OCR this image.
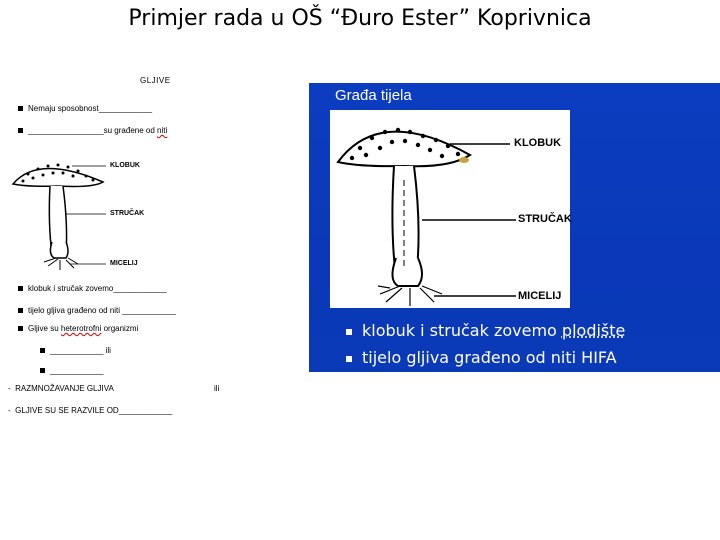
Primjer rada u OŠ “Đuro Ester” Koprivnica
GLJIVE
Nemaju sposobnost____________
_________________su građene od niti
KLOBUK
STRUČAK
MICELIJ
klobuk i stručak zovemo____________
tijelo gljiva građeno od niti ____________
Gljive su heterotrofni organizmi
____________ ili
____________
- RAZMNOŽAVANJE GLJIVA	ili
- GLJIVE SU SE RAZVILE OD____________
Građa tijela
KLOBUK
STRUČAK
MICELIJ
klobuk i stručak zovemo plodište
tijelo gljiva građeno od niti HIFA
